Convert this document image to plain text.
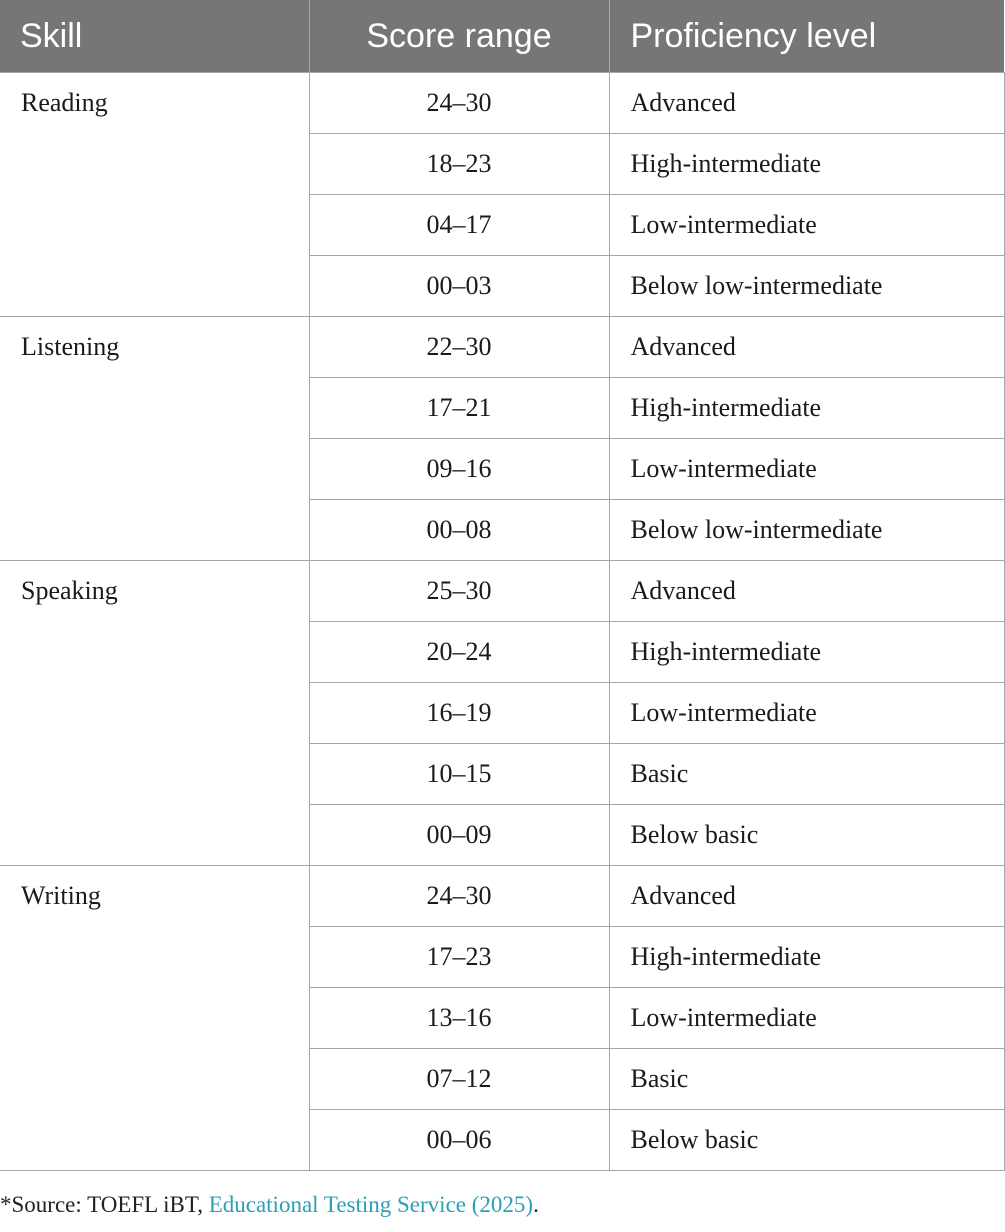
Skill	Score range	Proficiency level
Reading	24–30	Advanced
	18–23	High-intermediate
	04–17	Low-intermediate
	00–03	Below low-intermediate
Listening	22–30	Advanced
	17–21	High-intermediate
	09–16	Low-intermediate
	00–08	Below low-intermediate
Speaking	25–30	Advanced
	20–24	High-intermediate
	16–19	Low-intermediate
	10–15	Basic
	00–09	Below basic
Writing	24–30	Advanced
	17–23	High-intermediate
	13–16	Low-intermediate
	07–12	Basic
	00–06	Below basic
*Source: TOEFL iBT, Educational Testing Service (2025).
